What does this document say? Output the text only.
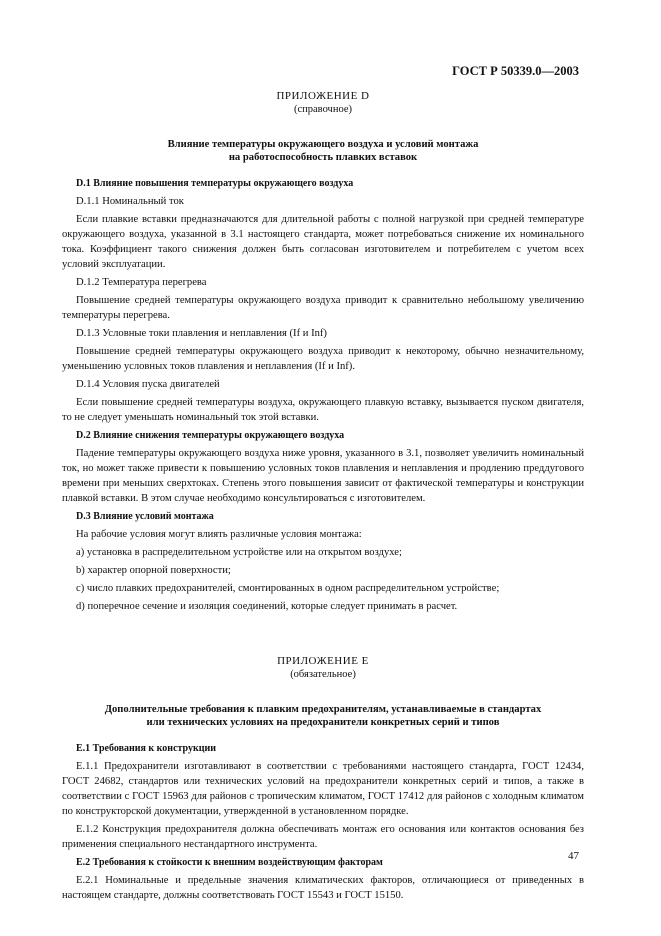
ГОСТ Р 50339.0—2003
ПРИЛОЖЕНИЕ D
(справочное)
Влияние температуры окружающего воздуха и условий монтажа
на работоспособность плавких вставок

D.1 Влияние повышения температуры окружающего воздуха

D.1.1 Номинальный ток

Если плавкие вставки предназначаются для длительной работы с полной нагрузкой при средней температуре окружающего воздуха, указанной в 3.1 настоящего стандарта, может потребоваться снижение их номинального тока. Коэффициент такого снижения должен быть согласован изготовителем и потребителем с учетом всех условий эксплуатации.

D.1.2 Температура перегрева

Повышение средней температуры окружающего воздуха приводит к сравнительно небольшому увеличению температуры перегрева.

D.1.3 Условные токи плавления и неплавления (If и Inf)

Повышение средней температуры окружающего воздуха приводит к некоторому, обычно незначительному, уменьшению условных токов плавления и неплавления (If и Inf).

D.1.4 Условия пуска двигателей

Если повышение средней температуры воздуха, окружающего плавкую вставку, вызывается пуском двигателя, то не следует уменьшать номинальный ток этой вставки.

D.2 Влияние снижения температуры окружающего воздуха

Падение температуры окружающего воздуха ниже уровня, указанного в 3.1, позволяет увеличить номинальный ток, но может также привести к повышению условных токов плавления и неплавления и продлению преддугового времени при меньших сверхтоках. Степень этого повышения зависит от фактической температуры и конструкции плавкой вставки. В этом случае необходимо консультироваться с изготовителем.

D.3 Влияние условий монтажа

На рабочие условия могут влиять различные условия монтажа:

a) установка в распределительном устройстве или на открытом воздухе;

b) характер опорной поверхности;

c) число плавких предохранителей, смонтированных в одном распределительном устройстве;

d) поперечное сечение и изоляция соединений, которые следует принимать в расчет.

ПРИЛОЖЕНИЕ Е
(обязательное)
Дополнительные требования к плавким предохранителям, устанавливаемые в стандартах
или технических условиях на предохранители конкретных серий и типов

Е.1 Требования к конструкции

Е.1.1 Предохранители изготавливают в соответствии с требованиями настоящего стандарта, ГОСТ 12434, ГОСТ 24682, стандартов или технических условий на предохранители конкретных серий и типов, а также в соответствии с ГОСТ 15963 для районов с тропическим климатом, ГОСТ 17412 для районов с холодным климатом по конструкторской документации, утвержденной в установленном порядке.

Е.1.2 Конструкция предохранителя должна обеспечивать монтаж его основания или контактов основания без применения специального нестандартного инструмента.

Е.2 Требования к стойкости к внешним воздействующим факторам

Е.2.1 Номинальные и предельные значения климатических факторов, отличающиеся от приведенных в настоящем стандарте, должны соответствовать ГОСТ 15543 и ГОСТ 15150.

47
